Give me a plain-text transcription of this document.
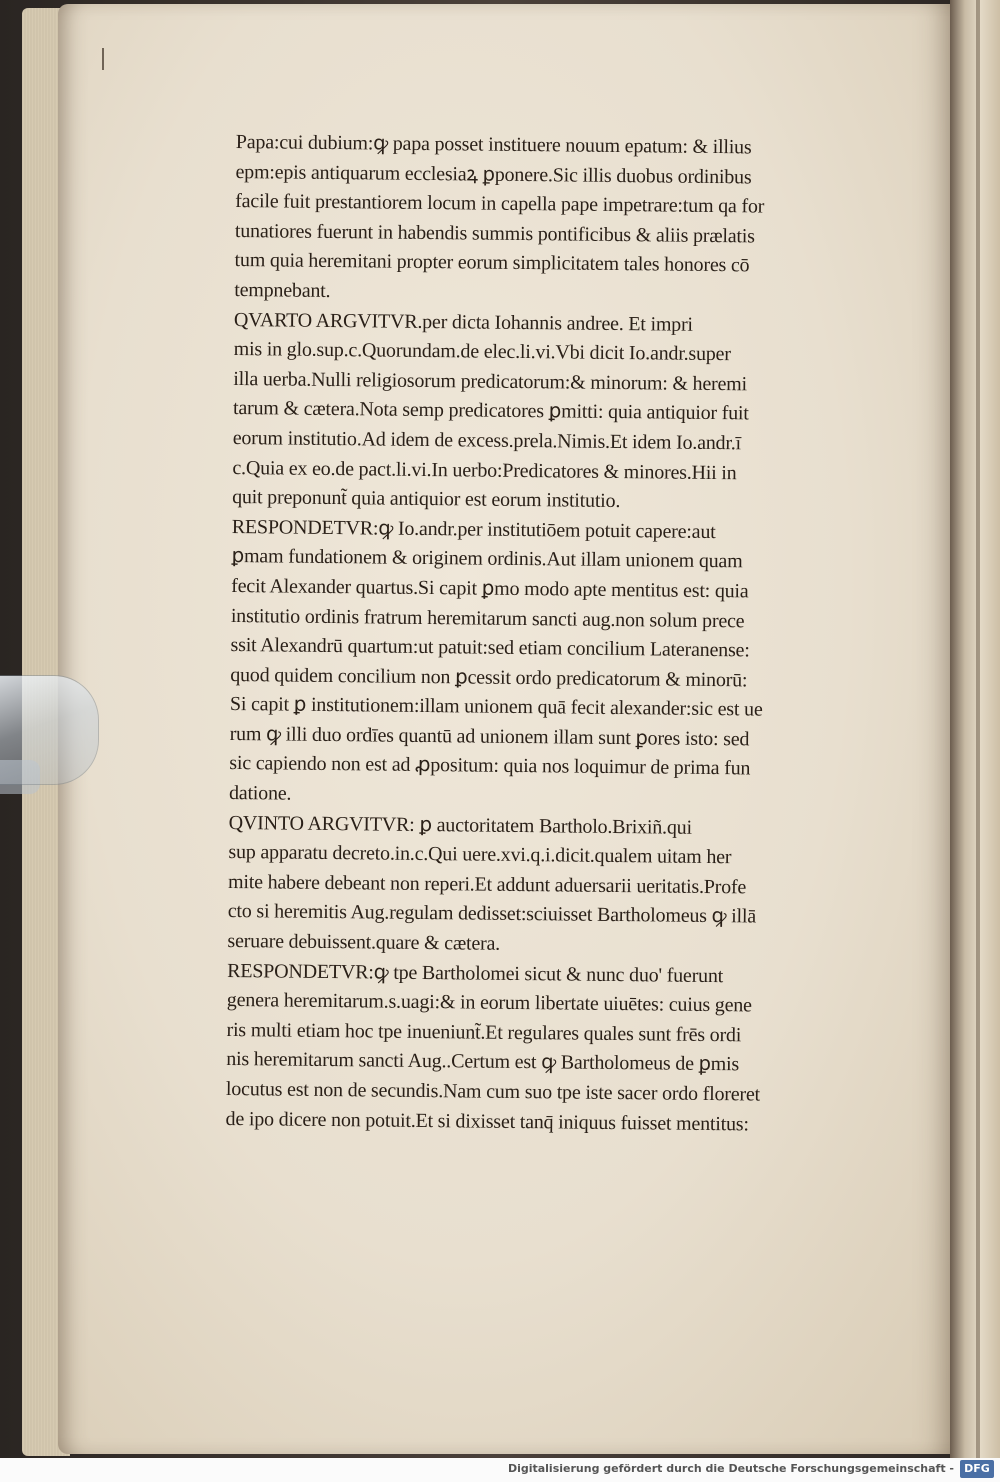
Papa:cui dubium:ꝙ papa posset instituere nouum epatum: & illius
epm:epis antiquarum ecclesiaꝝ ꝑponere.Sic illis duobus ordinibus
facile fuit prestantiorem locum in capella pape impetrare:tum qa for
tunatiores fuerunt in habendis summis pontificibus & aliis prælatis
tum quia heremitani propter eorum simplicitatem tales honores cō
tempnebant.
QVARTO ARGVITVR.per dicta Iohannis andree. Et impri
mis in glo.sup.c.Quorundam.de elec.li.vi.Vbi dicit Io.andr.super
illa uerba.Nulli religiosorum predicatorum:& minorum: & heremi
tarum & cætera.Nota semp predicatores ꝑmitti: quia antiquior fuit
eorum institutio.Ad idem de excess.prela.Nimis.Et idem Io.andr.ī
c.Quia ex eo.de pact.li.vi.In uerbo:Predicatores & minores.Hii in
quit preponunt̃ quia antiquior est eorum institutio.
RESPONDETVR:ꝙ Io.andr.per institutiōem potuit capere:aut
ꝑmam fundationem & originem ordinis.Aut illam unionem quam
fecit Alexander quartus.Si capit ꝑmo modo apte mentitus est: quia
institutio ordinis fratrum heremitarum sancti aug.non solum prece
ssit Alexandrū quartum:ut patuit:sed etiam concilium Lateranense:
quod quidem concilium non ꝑcessit ordo predicatorum & minorū:
Si capit ꝑ institutionem:illam unionem quā fecit alexander:sic est ue
rum ꝙ illi duo ordīes quantū ad unionem illam sunt ꝑores isto: sed
sic capiendo non est ad ꝓpositum: quia nos loquimur de prima fun
datione.
QVINTO ARGVITVR: ꝑ auctoritatem Bartholo.Brixiñ.qui
sup apparatu decreto.in.c.Qui uere.xvi.q.i.dicit.qualem uitam her
mite habere debeant non reperi.Et addunt aduersarii ueritatis.Profe
cto si heremitis Aug.regulam dedisset:sciuisset Bartholomeus ꝙ illā
seruare debuissent.quare & cætera.
RESPONDETVR:ꝙ tpe Bartholomei sicut & nunc duo' fuerunt
genera heremitarum.s.uagi:& in eorum libertate uiuētes: cuius gene
ris multi etiam hoc tpe inueniunt̃.Et regulares quales sunt frēs ordi
nis heremitarum sancti Aug..Certum est ꝙ Bartholomeus de ꝑmis
locutus est non de secundis.Nam cum suo tpe iste sacer ordo floreret
de ipo dicere non potuit.Et si dixisset tanq̄ iniquus fuisset mentitus:
Digitalisierung gefördert durch die Deutsche Forschungsgemeinschaft - DFG
